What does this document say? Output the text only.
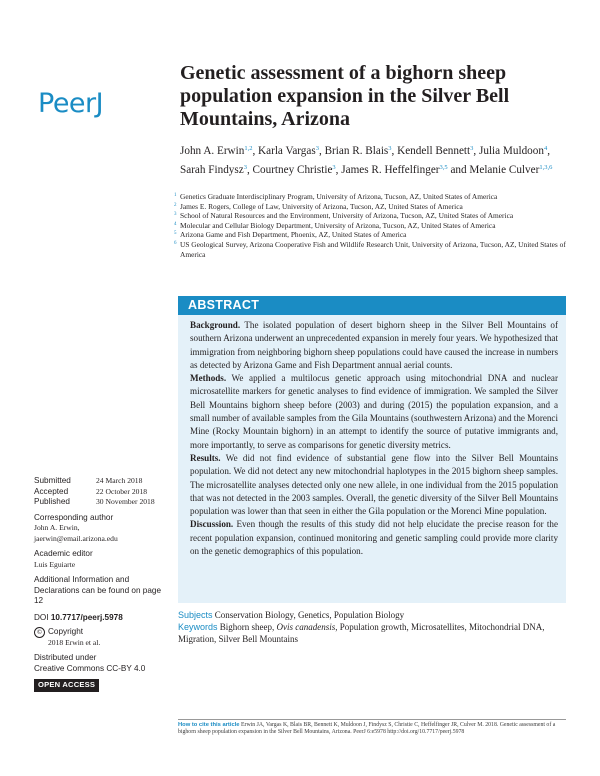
PeerJ
Genetic assessment of a bighorn sheep population expansion in the Silver Bell Mountains, Arizona
John A. Erwin$^{1,2}$, Karla Vargas$^3$, Brian R. Blais$^3$, Kendell Bennett$^3$, Julia Muldoon$^4$, Sarah Findysz$^3$, Courtney Christie$^3$, James R. Heffelfinger$^{3,5}$ and Melanie Culver$^{1,3,6}$
1 Genetics Graduate Interdisciplinary Program, University of Arizona, Tucson, AZ, United States of America
2 James E. Rogers, College of Law, University of Arizona, Tucson, AZ, United States of America
3 School of Natural Resources and the Environment, University of Arizona, Tucson, AZ, United States of America
4 Molecular and Cellular Biology Department, University of Arizona, Tucson, AZ, United States of America
5 Arizona Game and Fish Department, Phoenix, AZ, United States of America
6 US Geological Survey, Arizona Cooperative Fish and Wildlife Research Unit, University of Arizona, Tucson, AZ, United States of America
ABSTRACT

Background. The isolated population of desert bighorn sheep in the Silver Bell Mountains of southern Arizona underwent an unprecedented expansion in merely four years. We hypothesized that immigration from neighboring bighorn sheep populations could have caused the increase in numbers as detected by Arizona Game and Fish Department annual aerial counts.

Methods. We applied a multilocus genetic approach using mitochondrial DNA and nuclear microsatellite markers for genetic analyses to find evidence of immigration. We sampled the Silver Bell Mountains bighorn sheep before (2003) and during (2015) the population expansion, and a small number of available samples from the Gila Mountains (southwestern Arizona) and the Morenci Mine (Rocky Mountain bighorn) in an attempt to identify the source of putative immigrants and, more importantly, to serve as comparisons for genetic diversity metrics.

Results. We did not find evidence of substantial gene flow into the Silver Bell Mountains population. We did not detect any new mitochondrial haplotypes in the 2015 bighorn sheep samples. The microsatellite analyses detected only one new allele, in one individual from the 2015 population that was not detected in the 2003 samples. Overall, the genetic diversity of the Silver Bell Mountains population was lower than that seen in either the Gila population or the Morenci Mine population.

Discussion. Even though the results of this study did not help elucidate the precise reason for the recent population expansion, continued monitoring and genetic sampling could provide more clarity on the genetic demographics of this population.

Subjects Conservation Biology, Genetics, Population Biology
Keywords Bighorn sheep, Ovis canadensis, Population growth, Microsatellites, Mitochondrial DNA, Migration, Silver Bell Mountains
Submitted	24 March 2018
Accepted	22 October 2018
Published	30 November 2018
Corresponding author
John A. Erwin,
jaerwin@email.arizona.edu
Academic editor
Luis Eguiarte
Additional Information and Declarations can be found on page 12
DOI 10.7717/peerj.5978
© Copyright
2018 Erwin et al.
Distributed under
Creative Commons CC-BY 4.0
OPEN ACCESS
How to cite this article Erwin JA, Vargas K, Blais BR, Bennett K, Muldoon J, Findysz S, Christie C, Heffelfinger JR, Culver M. 2018. Genetic assessment of a bighorn sheep population expansion in the Silver Bell Mountains, Arizona. PeerJ 6:e5978 http://doi.org/10.7717/peerj.5978
